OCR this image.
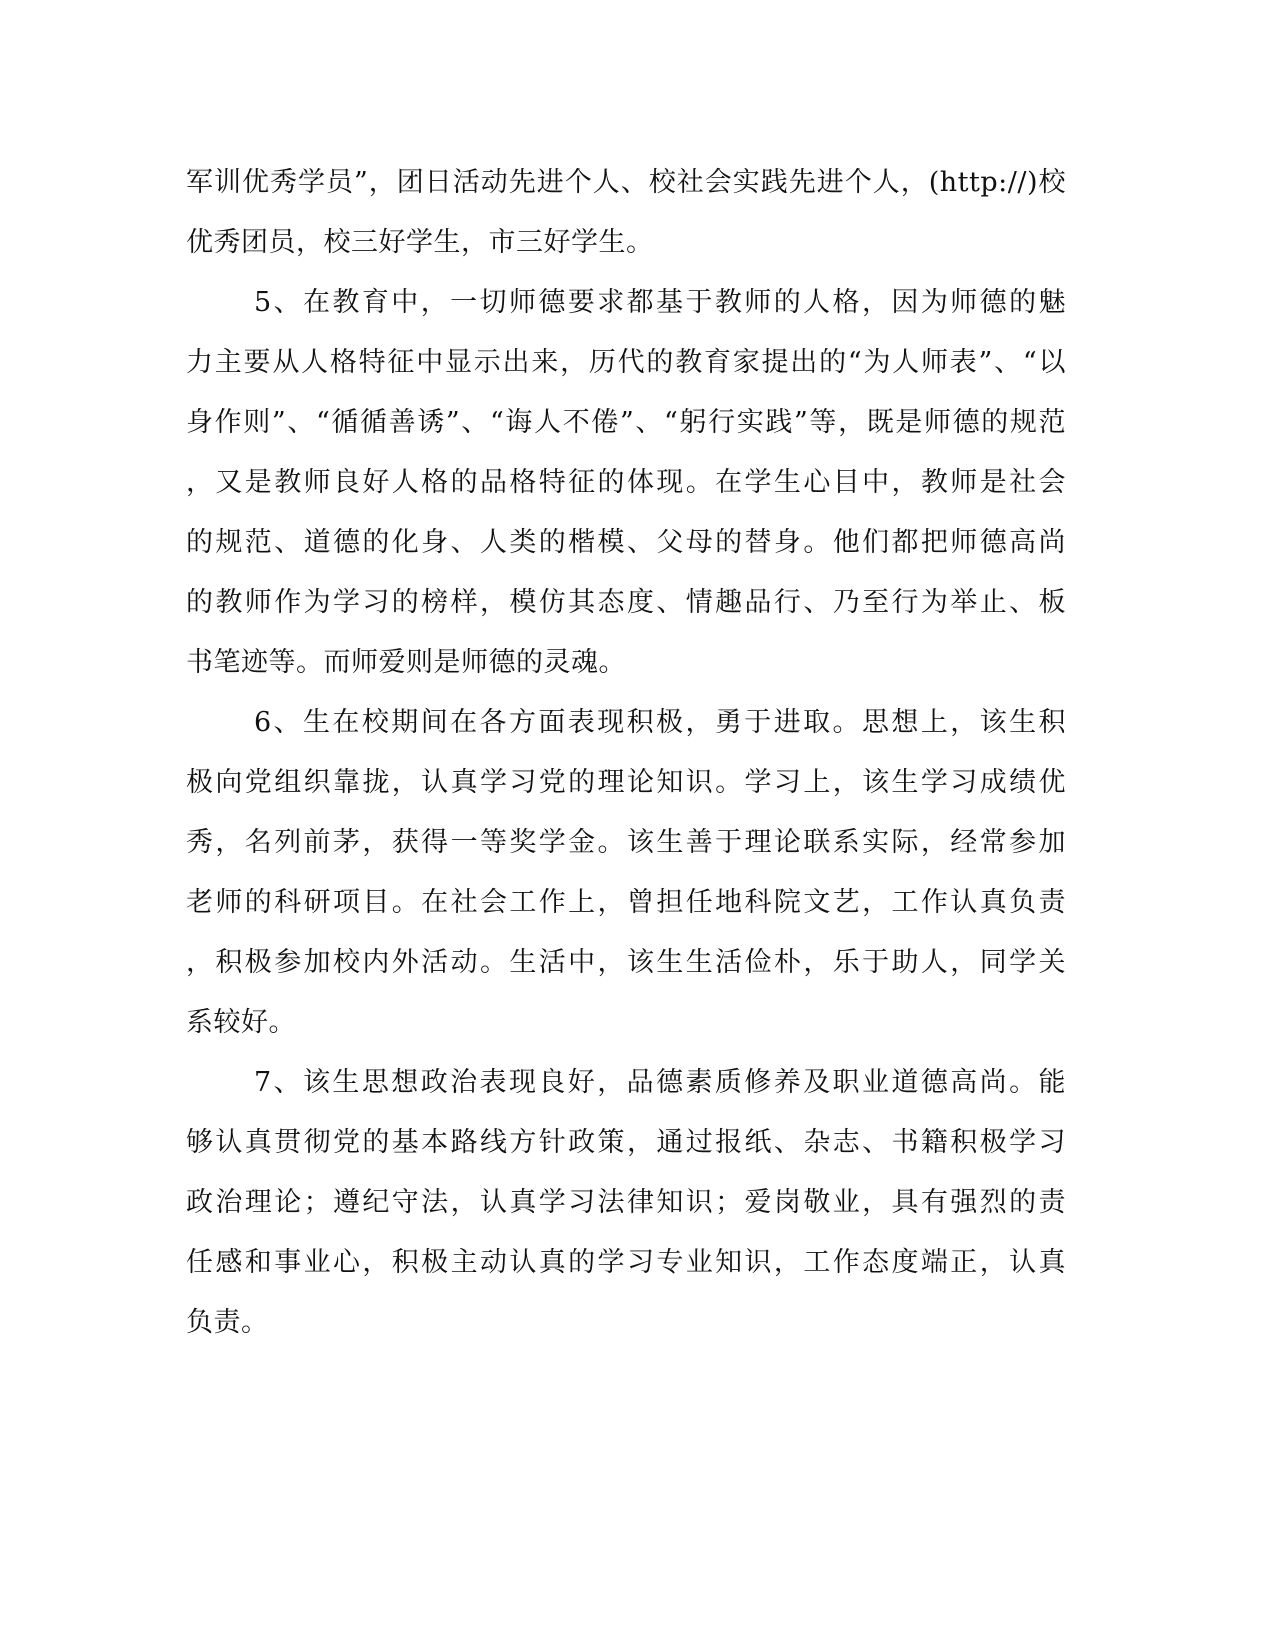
军训优秀学员”，团日活动先进个人、校社会实践先进个人，(http://)校
优秀团员，校三好学生，市三好学生。
5、在教育中，一切师德要求都基于教师的人格，因为师德的魅
力主要从人格特征中显示出来，历代的教育家提出的“为人师表”、“以
身作则”、“循循善诱”、“诲人不倦”、“躬行实践”等，既是师德的规范
，又是教师良好人格的品格特征的体现。在学生心目中，教师是社会
的规范、道德的化身、人类的楷模、父母的替身。他们都把师德高尚
的教师作为学习的榜样，模仿其态度、情趣品行、乃至行为举止、板
书笔迹等。而师爱则是师德的灵魂。
6、生在校期间在各方面表现积极，勇于进取。思想上，该生积
极向党组织靠拢，认真学习党的理论知识。学习上，该生学习成绩优
秀，名列前茅，获得一等奖学金。该生善于理论联系实际，经常参加
老师的科研项目。在社会工作上，曾担任地科院文艺，工作认真负责
，积极参加校内外活动。生活中，该生生活俭朴，乐于助人，同学关
系较好。
7、该生思想政治表现良好，品德素质修养及职业道德高尚。能
够认真贯彻党的基本路线方针政策，通过报纸、杂志、书籍积极学习
政治理论；遵纪守法，认真学习法律知识；爱岗敬业，具有强烈的责
任感和事业心，积极主动认真的学习专业知识，工作态度端正，认真
负责。
